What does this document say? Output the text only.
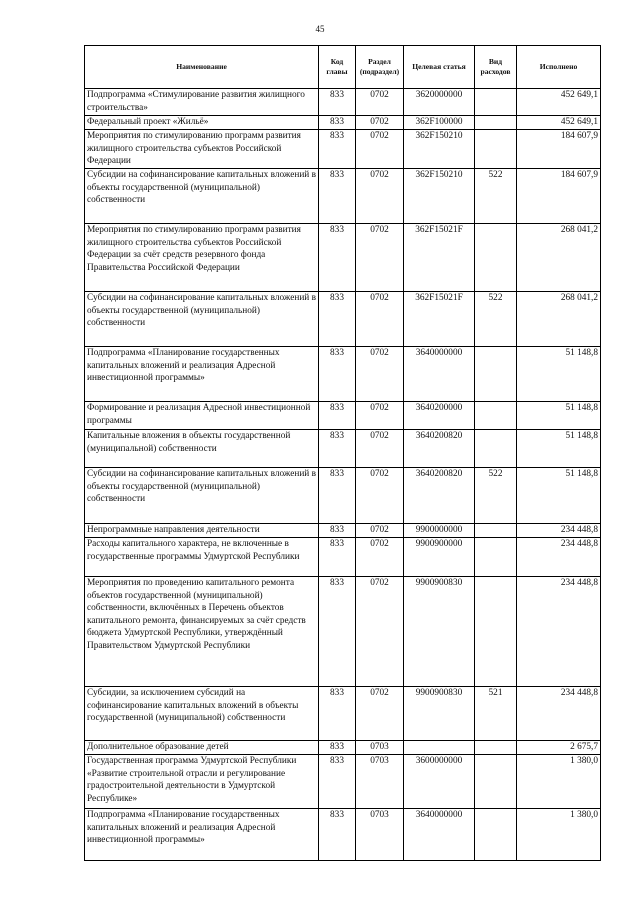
45
Наименование	Код главы	Раздел (подраздел)	Целевая статья	Вид расходов	Исполнено
Подпрограмма «Стимулирование развития жилищного строительства»	833	0702	3620000000		452 649,1
Федеральный проект «Жильё»	833	0702	362F100000		452 649,1
Мероприятия по стимулированию программ развития жилищного строительства субъектов Российской Федерации	833	0702	362F150210		184 607,9
Субсидии на софинансирование капитальных вложений в объекты государственной (муниципальной) собственности	833	0702	362F150210	522	184 607,9
Мероприятия по стимулированию программ развития жилищного строительства субъектов Российской Федерации за счёт средств резервного фонда Правительства Российской Федерации	833	0702	362F15021F		268 041,2
Субсидии на софинансирование капитальных вложений в объекты государственной (муниципальной) собственности	833	0702	362F15021F	522	268 041,2
Подпрограмма «Планирование государственных капитальных вложений и реализация Адресной инвестиционной программы»	833	0702	3640000000		51 148,8
Формирование и реализация Адресной инвестиционной программы	833	0702	3640200000		51 148,8
Капитальные вложения в объекты государственной (муниципальной) собственности	833	0702	3640200820		51 148,8
Субсидии на софинансирование капитальных вложений в объекты государственной (муниципальной) собственности	833	0702	3640200820	522	51 148,8
Непрограммные направления деятельности	833	0702	9900000000		234 448,8
Расходы капитального характера, не включенные в государственные программы Удмуртской Республики	833	0702	9900900000		234 448,8
Мероприятия по проведению капитального ремонта объектов государственной (муниципальной) собственности, включённых в Перечень объектов капитального ремонта, финансируемых за счёт средств бюджета Удмуртской Республики, утверждённый Правительством Удмуртской Республики	833	0702	9900900830		234 448,8
Субсидии, за исключением субсидий на софинансирование капитальных вложений в объекты государственной (муниципальной) собственности	833	0702	9900900830	521	234 448,8
Дополнительное образование детей	833	0703			2 675,7
Государственная программа Удмуртской Республики «Развитие строительной отрасли и регулирование градостроительной деятельности в Удмуртской Республике»	833	0703	3600000000		1 380,0
Подпрограмма «Планирование государственных капитальных вложений и реализация Адресной инвестиционной программы»	833	0703	3640000000		1 380,0
